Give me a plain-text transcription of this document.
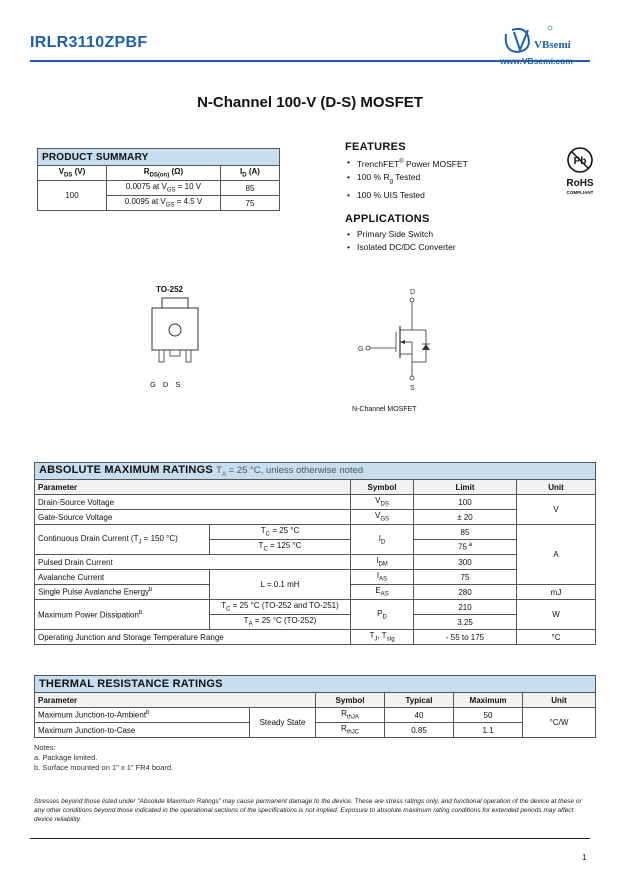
IRLR3110ZPBF	VBsemi
www.VBsemi.com
N-Channel 100-V (D-S) MOSFET
PRODUCT SUMMARY		
$V_{DS}$ (V)	$R_{DS(on)}$ (Ω)	$I_D$ (A)
100	0.0075 at $V_{GS} = 10$ V	85
	0.0095 at $V_{GS} = 4.5$ V	75
FEATURES
• TrenchFET® Power MOSFET
• 100 % $R_g$ Tested
• 100 % UIS Tested
APPLICATIONS
• Primary Side Switch
• Isolated DC/DC Converter
Pb
RoHS
COMPLIANT
TO-252
G D S
D
G
S
N-Channel MOSFET
ABSOLUTE MAXIMUM RATINGS $T_A = 25$ °C, unless otherwise noted				
Parameter		Symbol	Limit	Unit
Drain-Source Voltage		$V_{DS}$	100	V
Gate-Source Voltage		$V_{GS}$	± 20	
Continuous Drain Current ($T_J = 150$ °C)	$T_C = 25$ °C	$I_D$	85	A
	$T_C = 125$ °C		75 $^a$
Pulsed Drain Current		$I_{DM}$	300	
Avalanche Current	L = 0.1 mH	$I_{AS}$	75	
Single Pulse Avalanche Energy$^b$		$E_{AS}$	280	mJ
Maximum Power Dissipation$^b$	$T_C = 25$ °C (TO-252 and TO-251)	$P_D$	210	W
	$T_A = 25$ °C (TO-252)		3.25	
Operating Junction and Storage Temperature Range		$T_J$, $T_{stg}$	- 55 to 175	°C
THERMAL RESISTANCE RATINGS					
Parameter		Symbol	Typical	Maximum	Unit
Maximum Junction-to-Ambient$^b$	Steady State	$R_{thJA}$	40	50	°C/W
Maximum Junction-to-Case		$R_{thJC}$	0.85	1.1	
Notes:
a. Package limited.
b. Surface mounted on 1" x 1" FR4 board.
Stresses beyond those listed under “Absolute Maximum Ratings” may cause permanent damage to the device. These are stress ratings only, and functional operation of the device at these or any other conditions beyond those indicated in the operational sections of the specifications is not implied. Exposure to absolute maximum rating conditions for extended periods may affect device reliability.
1
